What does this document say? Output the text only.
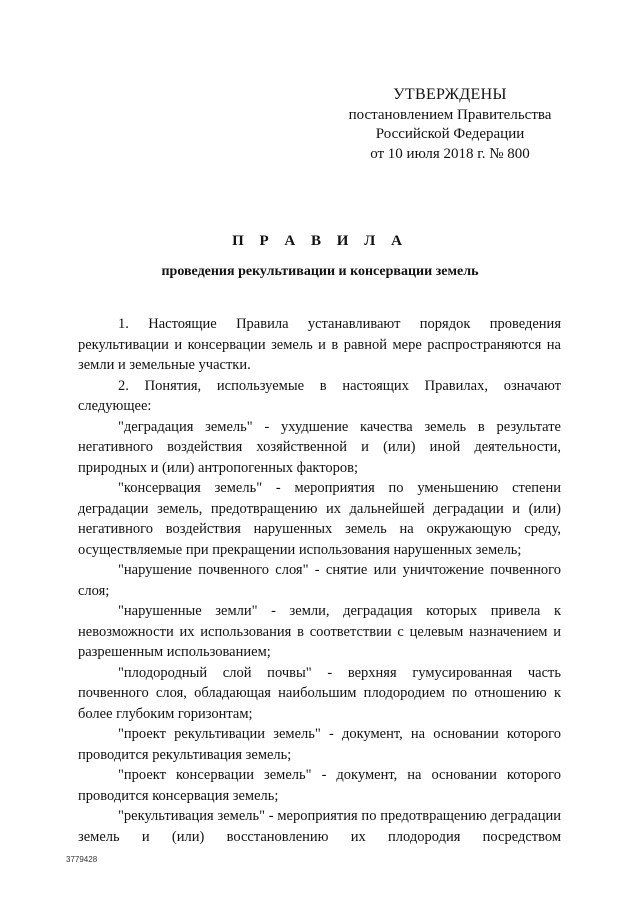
УТВЕРЖДЕНЫ
постановлением Правительства
Российской Федерации
от 10 июля 2018 г. № 800
П Р А В И Л А
проведения рекультивации и консервации земель

1. Настоящие Правила устанавливают порядок проведения рекультивации и консервации земель и в равной мере распространяются на земли и земельные участки.

2. Понятия, используемые в настоящих Правилах, означают следующее:

"деградация земель" - ухудшение качества земель в результате негативного воздействия хозяйственной и (или) иной деятельности, природных и (или) антропогенных факторов;

"консервация земель" - мероприятия по уменьшению степени деградации земель, предотвращению их дальнейшей деградации и (или) негативного воздействия нарушенных земель на окружающую среду, осуществляемые при прекращении использования нарушенных земель;

"нарушение почвенного слоя" - снятие или уничтожение почвенного слоя;

"нарушенные земли" - земли, деградация которых привела к невозможности их использования в соответствии с целевым назначением и разрешенным использованием;

"плодородный слой почвы" - верхняя гумусированная часть почвенного слоя, обладающая наибольшим плодородием по отношению к более глубоким горизонтам;

"проект рекультивации земель" - документ, на основании которого проводится рекультивация земель;

"проект консервации земель" - документ, на основании которого проводится консервация земель;

"рекультивация земель" - мероприятия по предотвращению деградации земель и (или) восстановлению их плодородия посредством

3779428
